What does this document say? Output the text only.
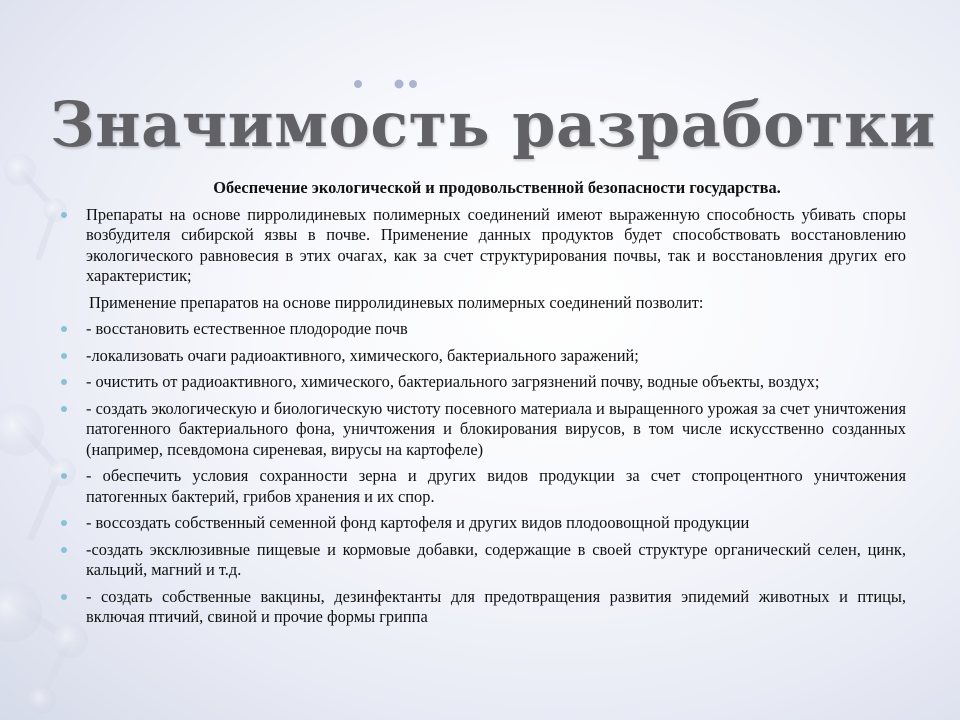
Значимость разработки
Обеспечение экологической и продовольственной безопасности государства.
Препараты на основе пирролидиневых полимерных соединений имеют выраженную способность убивать споры возбудителя сибирской язвы в почве. Применение данных продуктов будет способствовать восстановлению экологического равновесия в этих очагах, как за счет структурирования почвы, так и восстановления других его характеристик;
Применение препаратов на основе пирролидиневых полимерных соединений позволит:
- восстановить естественное плодородие почв
-локализовать очаги радиоактивного, химического, бактериального заражений;
- очистить от радиоактивного, химического, бактериального загрязнений почву, водные объекты, воздух;
- создать экологическую и биологическую чистоту посевного материала и выращенного урожая за счет уничтожения патогенного бактериального фона, уничтожения и блокирования вирусов, в том числе искусственно созданных (например, псевдомона сиреневая, вирусы на картофеле)
- обеспечить условия сохранности зерна и других видов продукции за счет стопроцентного уничтожения патогенных бактерий, грибов хранения и их спор.
- воссоздать собственный семенной фонд картофеля и других видов плодоовощной продукции
-создать эксклюзивные пищевые и кормовые добавки, содержащие в своей структуре органический селен, цинк, кальций, магний и т.д.
- создать собственные вакцины, дезинфектанты для предотвращения развития эпидемий животных и птицы, включая птичий, свиной и прочие формы гриппа
